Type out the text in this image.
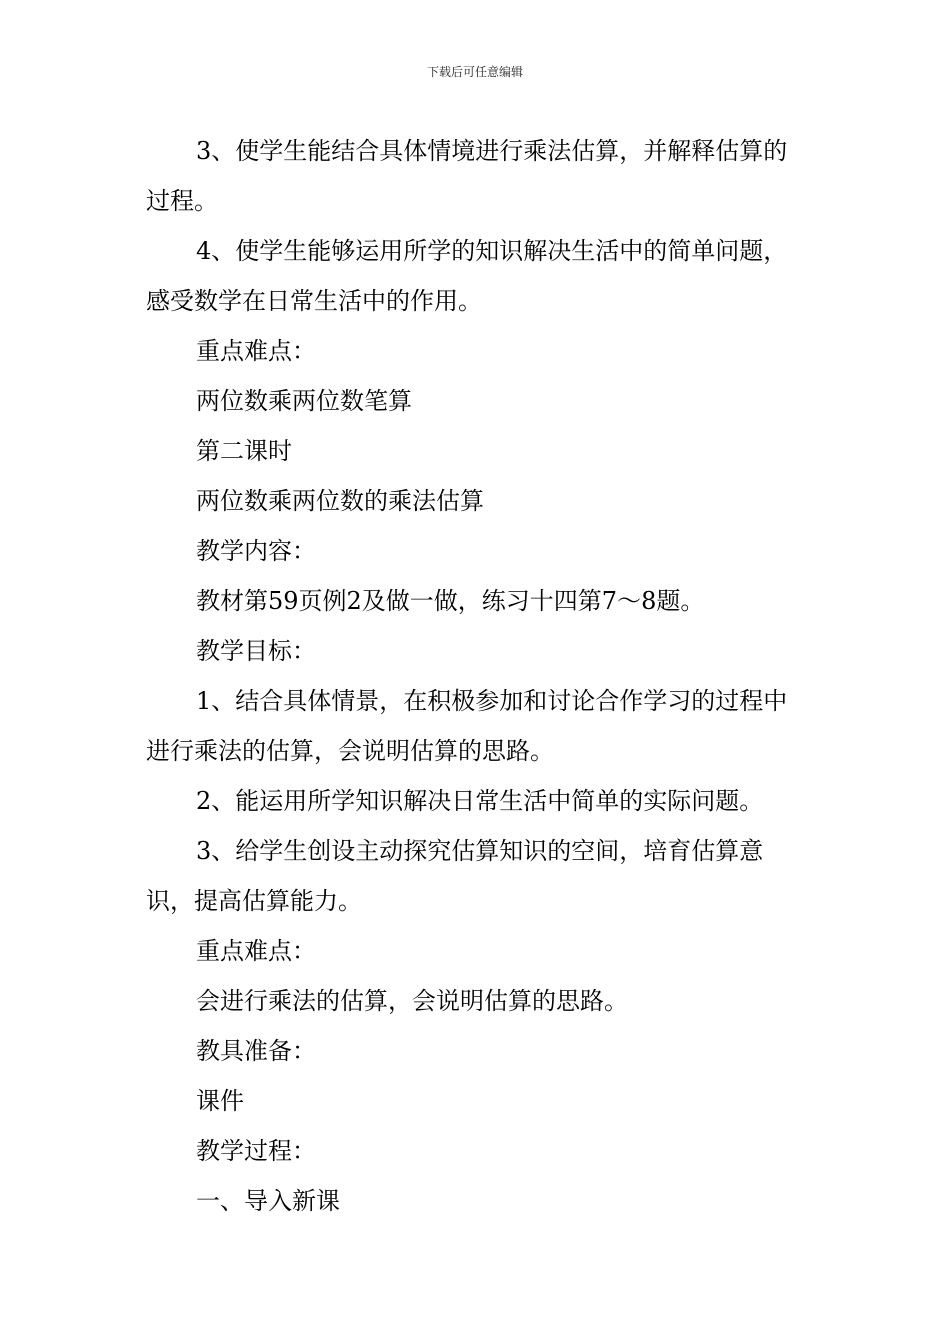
下载后可任意编辑

3、使学生能结合具体情境进行乘法估算，并解释估算的过程。

4、使学生能够运用所学的知识解决生活中的简单问题，感受数学在日常生活中的作用。

重点难点：

两位数乘两位数笔算

第二课时

两位数乘两位数的乘法估算

教学内容：

教材第59页例2及做一做，练习十四第7～8题。

教学目标：

1、结合具体情景，在积极参加和讨论合作学习的过程中进行乘法的估算，会说明估算的思路。

2、能运用所学知识解决日常生活中简单的实际问题。

3、给学生创设主动探究估算知识的空间，培育估算意识，提高估算能力。

重点难点：

会进行乘法的估算，会说明估算的思路。

教具准备：

课件

教学过程：

一、导入新课
